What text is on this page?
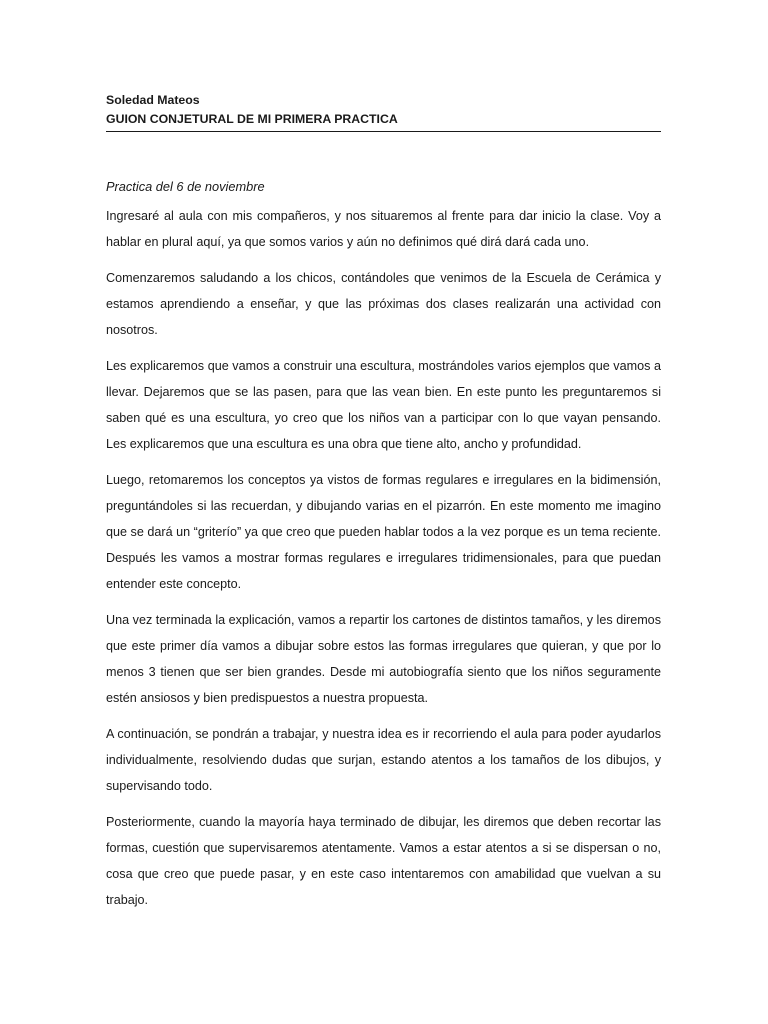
Soledad Mateos

GUION CONJETURAL DE MI PRIMERA PRACTICA

Practica del 6 de noviembre

Ingresaré al aula con mis compañeros, y nos situaremos al frente para dar inicio la clase. Voy a hablar en plural aquí, ya que somos varios y aún no definimos qué dirá dará cada uno.

Comenzaremos saludando a los chicos, contándoles que venimos de la Escuela de Cerámica y estamos aprendiendo a enseñar, y que las próximas dos clases realizarán una actividad con nosotros.

Les explicaremos que vamos a construir una escultura, mostrándoles varios ejemplos que vamos a llevar. Dejaremos que se las pasen, para que las vean bien. En este punto les preguntaremos si saben qué es una escultura, yo creo que los niños van a participar con lo que vayan pensando. Les explicaremos que una escultura es una obra que tiene alto, ancho y profundidad.

Luego, retomaremos los conceptos ya vistos de formas regulares e irregulares en la bidimensión, preguntándoles si las recuerdan, y dibujando varias en el pizarrón. En este momento me imagino que se dará un “griterío” ya que creo que pueden hablar todos a la vez porque es un tema reciente. Después les vamos a mostrar formas regulares e irregulares tridimensionales, para que puedan entender este concepto.

Una vez terminada la explicación, vamos a repartir los cartones de distintos tamaños, y les diremos que este primer día vamos a dibujar sobre estos las formas irregulares que quieran, y que por lo menos 3 tienen que ser bien grandes. Desde mi autobiografía siento que los niños seguramente estén ansiosos y bien predispuestos a nuestra propuesta.

A continuación, se pondrán a trabajar, y nuestra idea es ir recorriendo el aula para poder ayudarlos individualmente, resolviendo dudas que surjan, estando atentos a los tamaños de los dibujos, y supervisando todo.

Posteriormente, cuando la mayoría haya terminado de dibujar, les diremos que deben recortar las formas, cuestión que supervisaremos atentamente. Vamos a estar atentos a si se dispersan o no, cosa que creo que puede pasar, y en este caso intentaremos con amabilidad que vuelvan a su trabajo.
